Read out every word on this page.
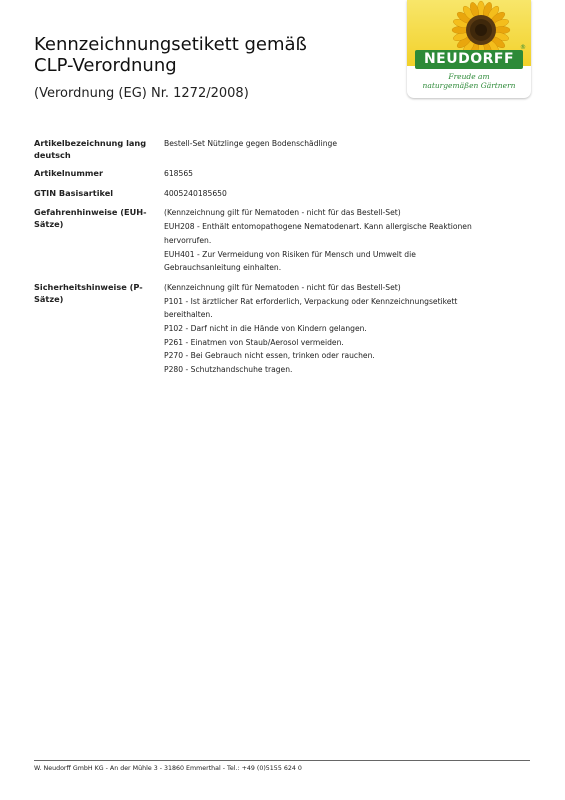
Kennzeichnungsetikett gemäß
CLP-Verordnung

(Verordnung (EG) Nr. 1272/2008)

NEUDORFF
®
Freude am
naturgemäßen Gärtnern
Artikelbezeichnung lang deutsch
Bestell-Set Nützlinge gegen Bodenschädlinge
Artikelnummer	618565
GTIN Basisartikel	4005240185650
Gefahrenhinweise (EUH-Sätze)
(Kennzeichnung gilt für Nematoden - nicht für das Bestell-Set)
EUH208 - Enthält entomopathogene Nematodenart. Kann allergische Reaktionen hervorrufen.
EUH401 - Zur Vermeidung von Risiken für Mensch und Umwelt die Gebrauchsanleitung einhalten.
Sicherheitshinweise (P-Sätze)
(Kennzeichnung gilt für Nematoden - nicht für das Bestell-Set)
P101 - Ist ärztlicher Rat erforderlich, Verpackung oder Kennzeichnungsetikett bereithalten.
P102 - Darf nicht in die Hände von Kindern gelangen.
P261 - Einatmen von Staub/Aerosol vermeiden.
P270 - Bei Gebrauch nicht essen, trinken oder rauchen.
P280 - Schutzhandschuhe tragen.
W. Neudorff GmbH KG - An der Mühle 3 - 31860 Emmerthal - Tel.: +49 (0)5155 624 0
